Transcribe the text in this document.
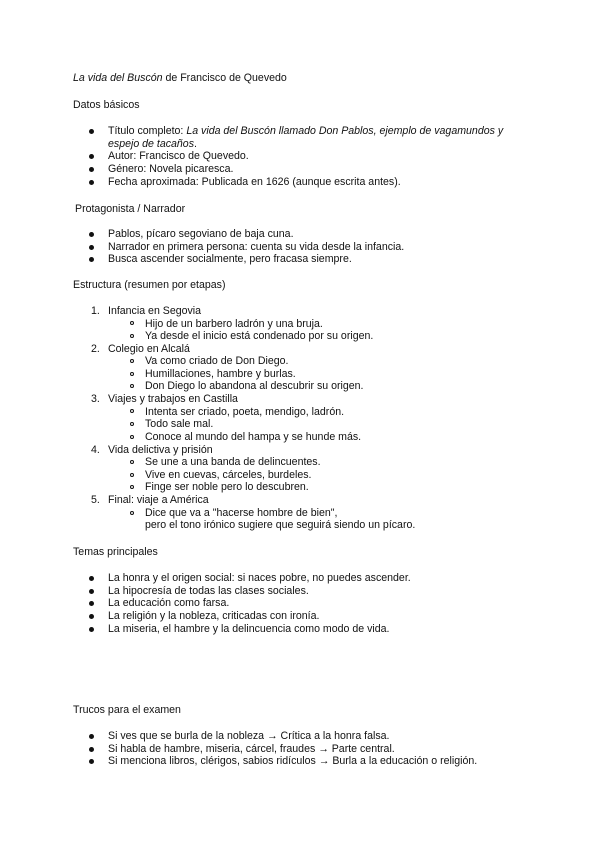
La vida del Buscón de Francisco de Quevedo
Datos básicos
Título completo: La vida del Buscón llamado Don Pablos, ejemplo de vagamundos y
espejo de tacaños.
Autor: Francisco de Quevedo.
Género: Novela picaresca.
Fecha aproximada: Publicada en 1626 (aunque escrita antes).
Protagonista / Narrador
Pablos, pícaro segoviano de baja cuna.
Narrador en primera persona: cuenta su vida desde la infancia.
Busca ascender socialmente, pero fracasa siempre.
Estructura (resumen por etapas)
1. Infancia en Segovia
Hijo de un barbero ladrón y una bruja.
Ya desde el inicio está condenado por su origen.
2. Colegio en Alcalá
Va como criado de Don Diego.
Humillaciones, hambre y burlas.
Don Diego lo abandona al descubrir su origen.
3. Viajes y trabajos en Castilla
Intenta ser criado, poeta, mendigo, ladrón.
Todo sale mal.
Conoce al mundo del hampa y se hunde más.
4. Vida delictiva y prisión
Se une a una banda de delincuentes.
Vive en cuevas, cárceles, burdeles.
Finge ser noble pero lo descubren.
5. Final: viaje a América
Dice que va a "hacerse hombre de bien",
pero el tono irónico sugiere que seguirá siendo un pícaro.
Temas principales
La honra y el origen social: si naces pobre, no puedes ascender.
La hipocresía de todas las clases sociales.
La educación como farsa.
La religión y la nobleza, criticadas con ironía.
La miseria, el hambre y la delincuencia como modo de vida.
Trucos para el examen
Si ves que se burla de la nobleza → Crítica a la honra falsa.
Si habla de hambre, miseria, cárcel, fraudes → Parte central.
Si menciona libros, clérigos, sabios ridículos → Burla a la educación o religión.
